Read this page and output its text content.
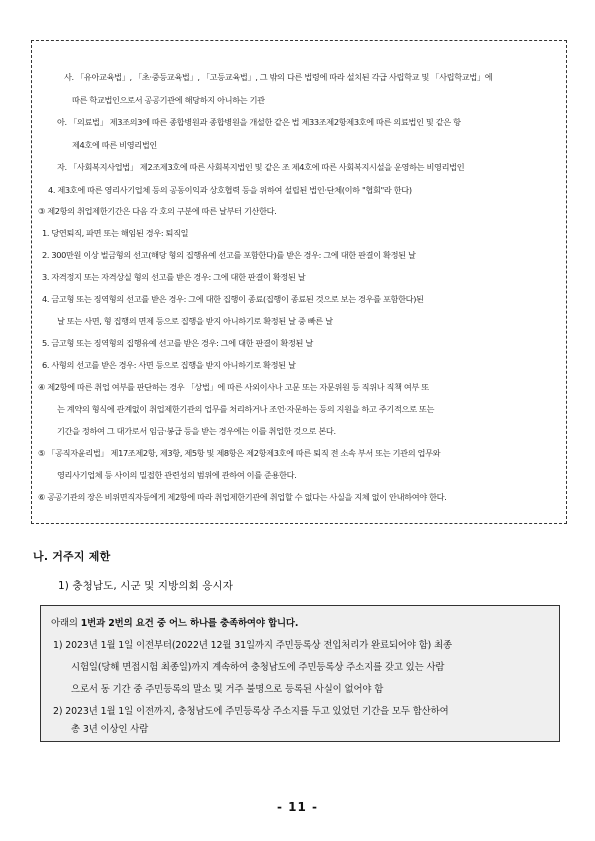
사. 「유아교육법」, 「초·중등교육법」, 「고등교육법」, 그 밖의 다른 법령에 따라 설치된 각급 사립학교 및 「사립학교법」에
따른 학교법인으로서 공공기관에 해당하지 아니하는 기관
아. 「의료법」 제3조의3에 따른 종합병원과 종합병원을 개설한 같은 법 제33조제2항제3호에 따른 의료법인 및 같은 항
제4호에 따른 비영리법인
자. 「사회복지사업법」 제2조제3호에 따른 사회복지법인 및 같은 조 제4호에 따른 사회복지시설을 운영하는 비영리법인
4. 제3호에 따른 영리사기업체 등의 공동이익과 상호협력 등을 위하여 설립된 법인·단체(이하 "협회"라 한다)
③ 제2항의 취업제한기간은 다음 각 호의 구분에 따른 날부터 기산한다.
1. 당연퇴직, 파면 또는 해임된 경우: 퇴직일
2. 300만원 이상 벌금형의 선고(해당 형의 집행유예 선고를 포함한다)를 받은 경우: 그에 대한 판결이 확정된 날
3. 자격정지 또는 자격상실 형의 선고를 받은 경우: 그에 대한 판결이 확정된 날
4. 금고형 또는 징역형의 선고를 받은 경우: 그에 대한 집행이 종료(집행이 종료된 것으로 보는 경우를 포함한다)된
날 또는 사면, 형 집행의 면제 등으로 집행을 받지 아니하기로 확정된 날 중 빠른 날
5. 금고형 또는 징역형의 집행유예 선고를 받은 경우: 그에 대한 판결이 확정된 날
6. 사형의 선고를 받은 경우: 사면 등으로 집행을 받지 아니하기로 확정된 날
④ 제2항에 따른 취업 여부를 판단하는 경우 「상법」에 따른 사외이사나 고문 또는 자문위원 등 직위나 직책 여부 또
는 계약의 형식에 관계없이 취업제한기관의 업무를 처리하거나 조언·자문하는 등의 지원을 하고 주기적으로 또는
기간을 정하여 그 대가로서 임금·봉급 등을 받는 경우에는 이를 취업한 것으로 본다.
⑤ 「공직자윤리법」 제17조제2항, 제3항, 제5항 및 제8항은 제2항제3호에 따른 퇴직 전 소속 부서 또는 기관의 업무와
영리사기업체 등 사이의 밀접한 관련성의 범위에 관하여 이를 준용한다.
⑥ 공공기관의 장은 비위면직자등에게 제2항에 따라 취업제한기관에 취업할 수 없다는 사실을 지체 없이 안내하여야 한다.
나. 거주지 제한
1) 충청남도, 시군 및 지방의회 응시자
아래의 1번과 2번의 요건 중 어느 하나를 충족하여야 합니다.
1) 2023년 1월 1일 이전부터(2022년 12월 31일까지 주민등록상 전입처리가 완료되어야 함) 최종
시험일(당해 면접시험 최종일)까지 계속하여 충청남도에 주민등록상 주소지를 갖고 있는 사람
으로서 동 기간 중 주민등록의 말소 및 거주 불명으로 등록된 사실이 없어야 함
2) 2023년 1월 1일 이전까지, 충청남도에 주민등록상 주소지를 두고 있었던 기간을 모두 합산하여
총 3년 이상인 사람
- 11 -
